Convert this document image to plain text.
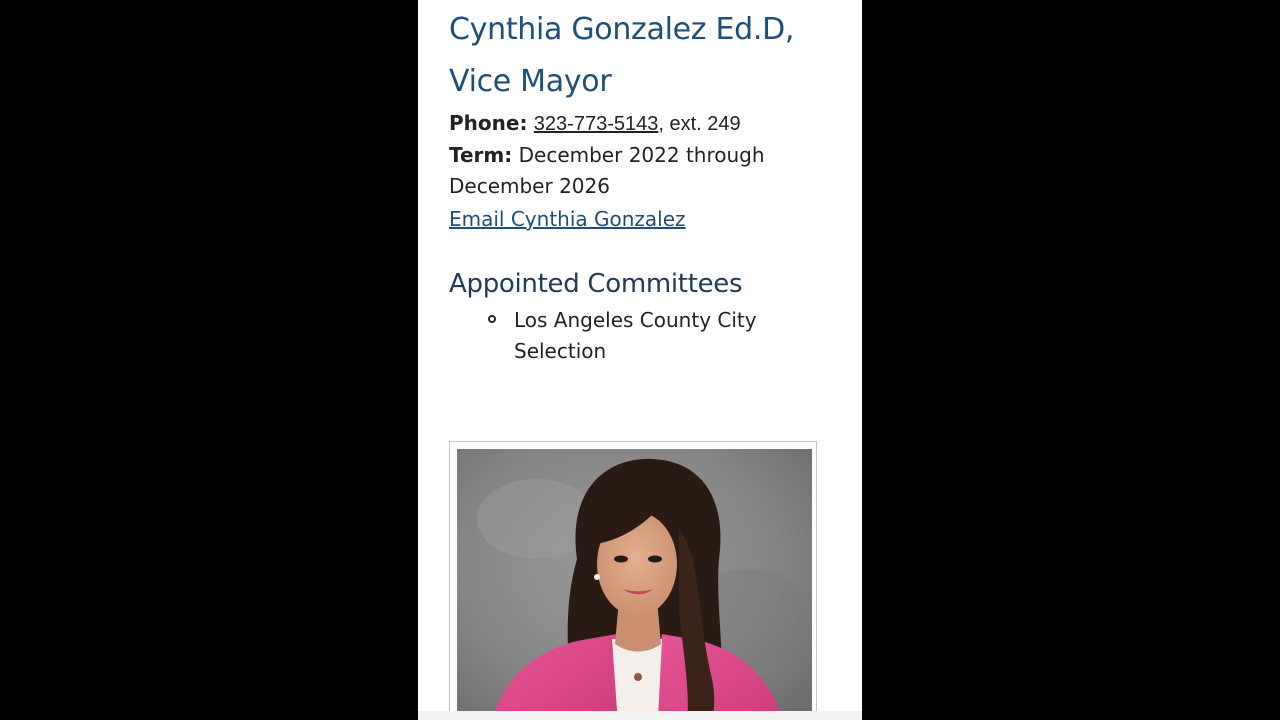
Cynthia Gonzalez Ed.D,
Vice Mayor
Phone: 323-773-5143, ext. 249
Term: December 2022 through December 2026
Email Cynthia Gonzalez
Appointed Committees
Los Angeles County City Selection
